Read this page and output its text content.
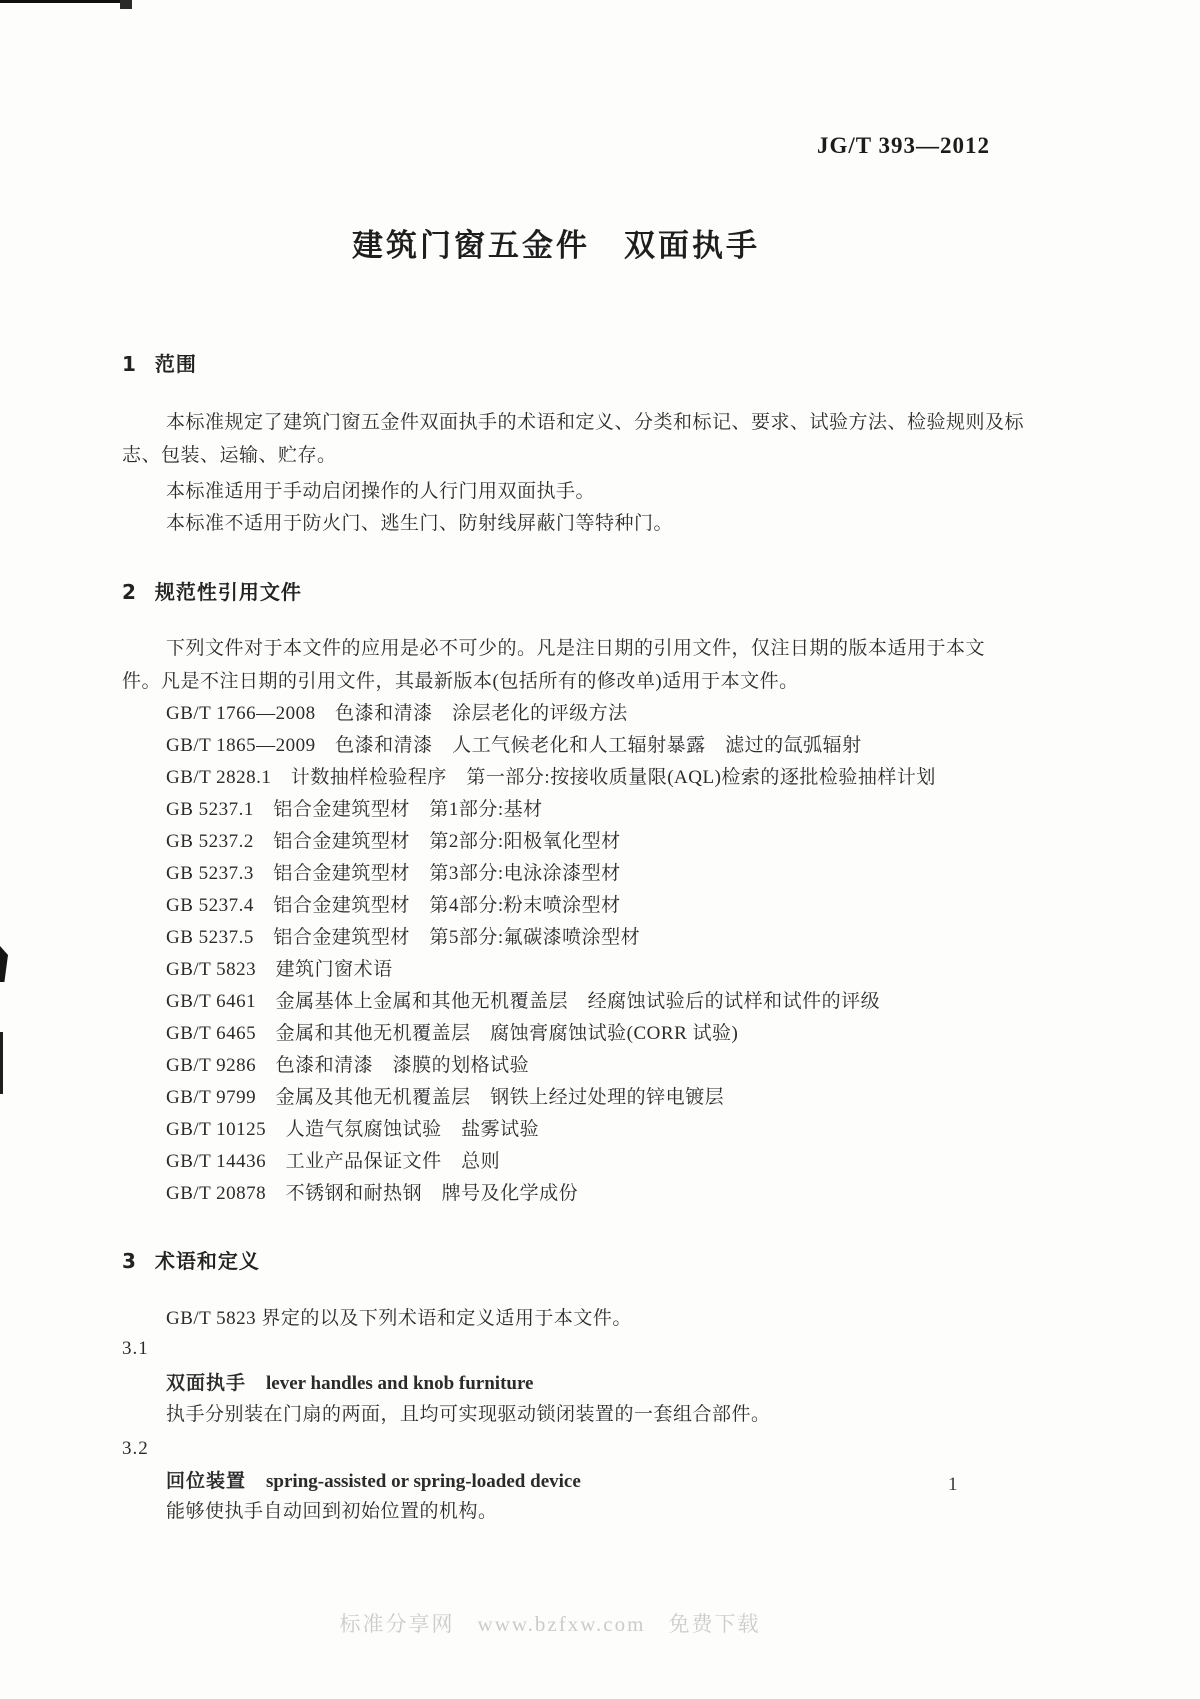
JG/T 393—2012
建筑门窗五金件　双面执手
1 范围
本标准规定了建筑门窗五金件双面执手的术语和定义、分类和标记、要求、试验方法、检验规则及标
志、包装、运输、贮存。
本标准适用于手动启闭操作的人行门用双面执手。
本标准不适用于防火门、逃生门、防射线屏蔽门等特种门。
2 规范性引用文件
下列文件对于本文件的应用是必不可少的。凡是注日期的引用文件，仅注日期的版本适用于本文
件。凡是不注日期的引用文件，其最新版本(包括所有的修改单)适用于本文件。
GB/T 1766—2008　色漆和清漆　涂层老化的评级方法
GB/T 1865—2009　色漆和清漆　人工气候老化和人工辐射暴露　滤过的氙弧辐射
GB/T 2828.1　计数抽样检验程序　第一部分:按接收质量限(AQL)检索的逐批检验抽样计划
GB 5237.1　铝合金建筑型材　第1部分:基材
GB 5237.2　铝合金建筑型材　第2部分:阳极氧化型材
GB 5237.3　铝合金建筑型材　第3部分:电泳涂漆型材
GB 5237.4　铝合金建筑型材　第4部分:粉末喷涂型材
GB 5237.5　铝合金建筑型材　第5部分:氟碳漆喷涂型材
GB/T 5823　建筑门窗术语
GB/T 6461　金属基体上金属和其他无机覆盖层　经腐蚀试验后的试样和试件的评级
GB/T 6465　金属和其他无机覆盖层　腐蚀膏腐蚀试验(CORR 试验)
GB/T 9286　色漆和清漆　漆膜的划格试验
GB/T 9799　金属及其他无机覆盖层　钢铁上经过处理的锌电镀层
GB/T 10125　人造气氛腐蚀试验　盐雾试验
GB/T 14436　工业产品保证文件　总则
GB/T 20878　不锈钢和耐热钢　牌号及化学成份
3 术语和定义
GB/T 5823 界定的以及下列术语和定义适用于本文件。
3.1
双面执手 lever handles and knob furniture
执手分别装在门扇的两面，且均可实现驱动锁闭装置的一套组合部件。
3.2
回位装置 spring-assisted or spring-loaded device
能够使执手自动回到初始位置的机构。
1
标准分享网　www.bzfxw.com　免费下载
